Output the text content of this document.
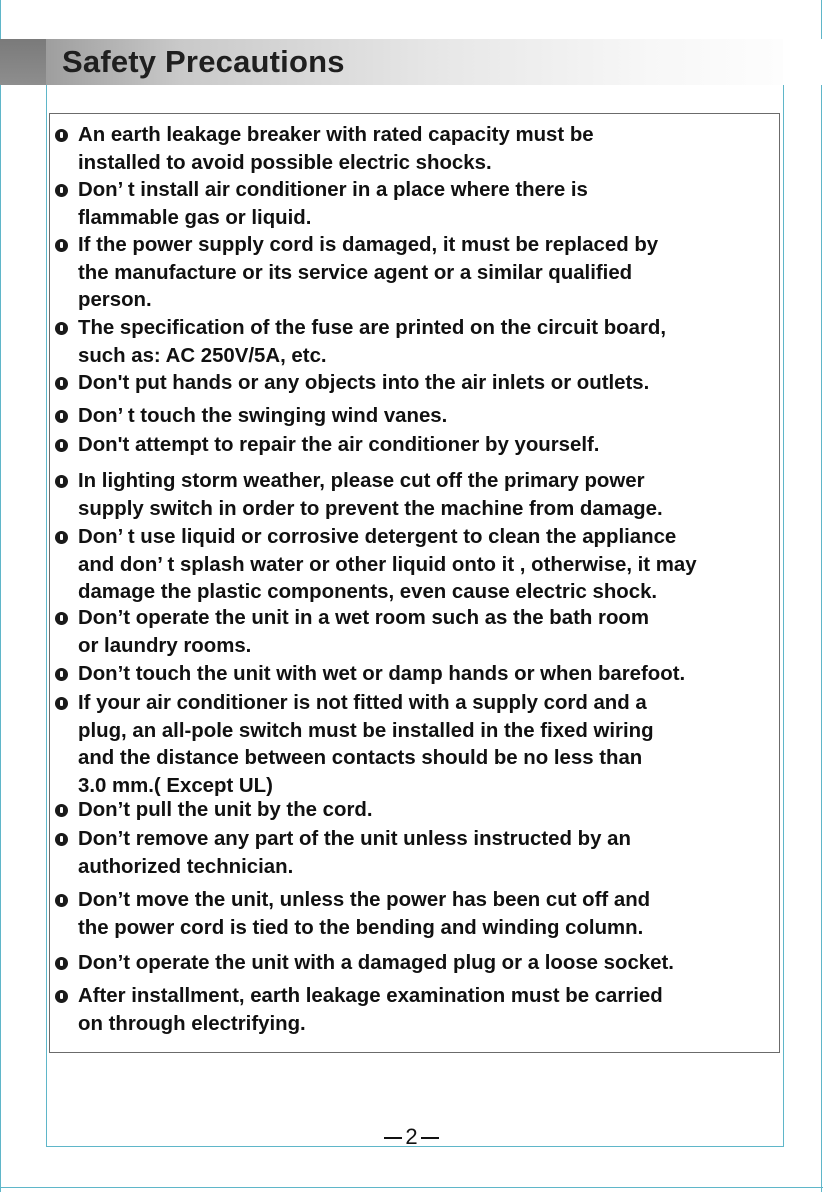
Safety Precautions
An earth leakage breaker with rated capacity must be
installed to avoid possible electric shocks.
Don’ t install air conditioner in a place where there is
flammable gas or liquid.
If the power supply cord is damaged, it must be replaced by
the manufacture or its service agent or a similar qualified
person.
The specification of the fuse are printed on the circuit board,
such as: AC 250V/5A, etc.
Don't put hands or any objects into the air inlets or outlets.
Don’ t touch the swinging wind vanes.
Don't attempt to repair the air conditioner by yourself.
In lighting storm weather, please cut off the primary power
supply switch in order to prevent the machine from damage.
Don’ t use liquid or corrosive detergent to clean the appliance
and don’ t splash water or other liquid onto it , otherwise, it may
damage the plastic components, even cause electric shock.
Don’t operate the unit in a wet room such as the bath room
or laundry rooms.
Don’t touch the unit with wet or damp hands or when barefoot.
If your air conditioner is not fitted with a supply cord and a
plug, an all-pole switch must be installed in the fixed wiring
and the distance between contacts should be no less than
3.0 mm.( Except UL)
Don’t pull the unit by the cord.
Don’t remove any part of the unit unless instructed by an
authorized technician.
Don’t move the unit, unless the power has been cut off and
the power cord is tied to the bending and winding column.
Don’t operate the unit with a damaged plug or a loose socket.
After installment, earth leakage examination must be carried
on through electrifying.
2
